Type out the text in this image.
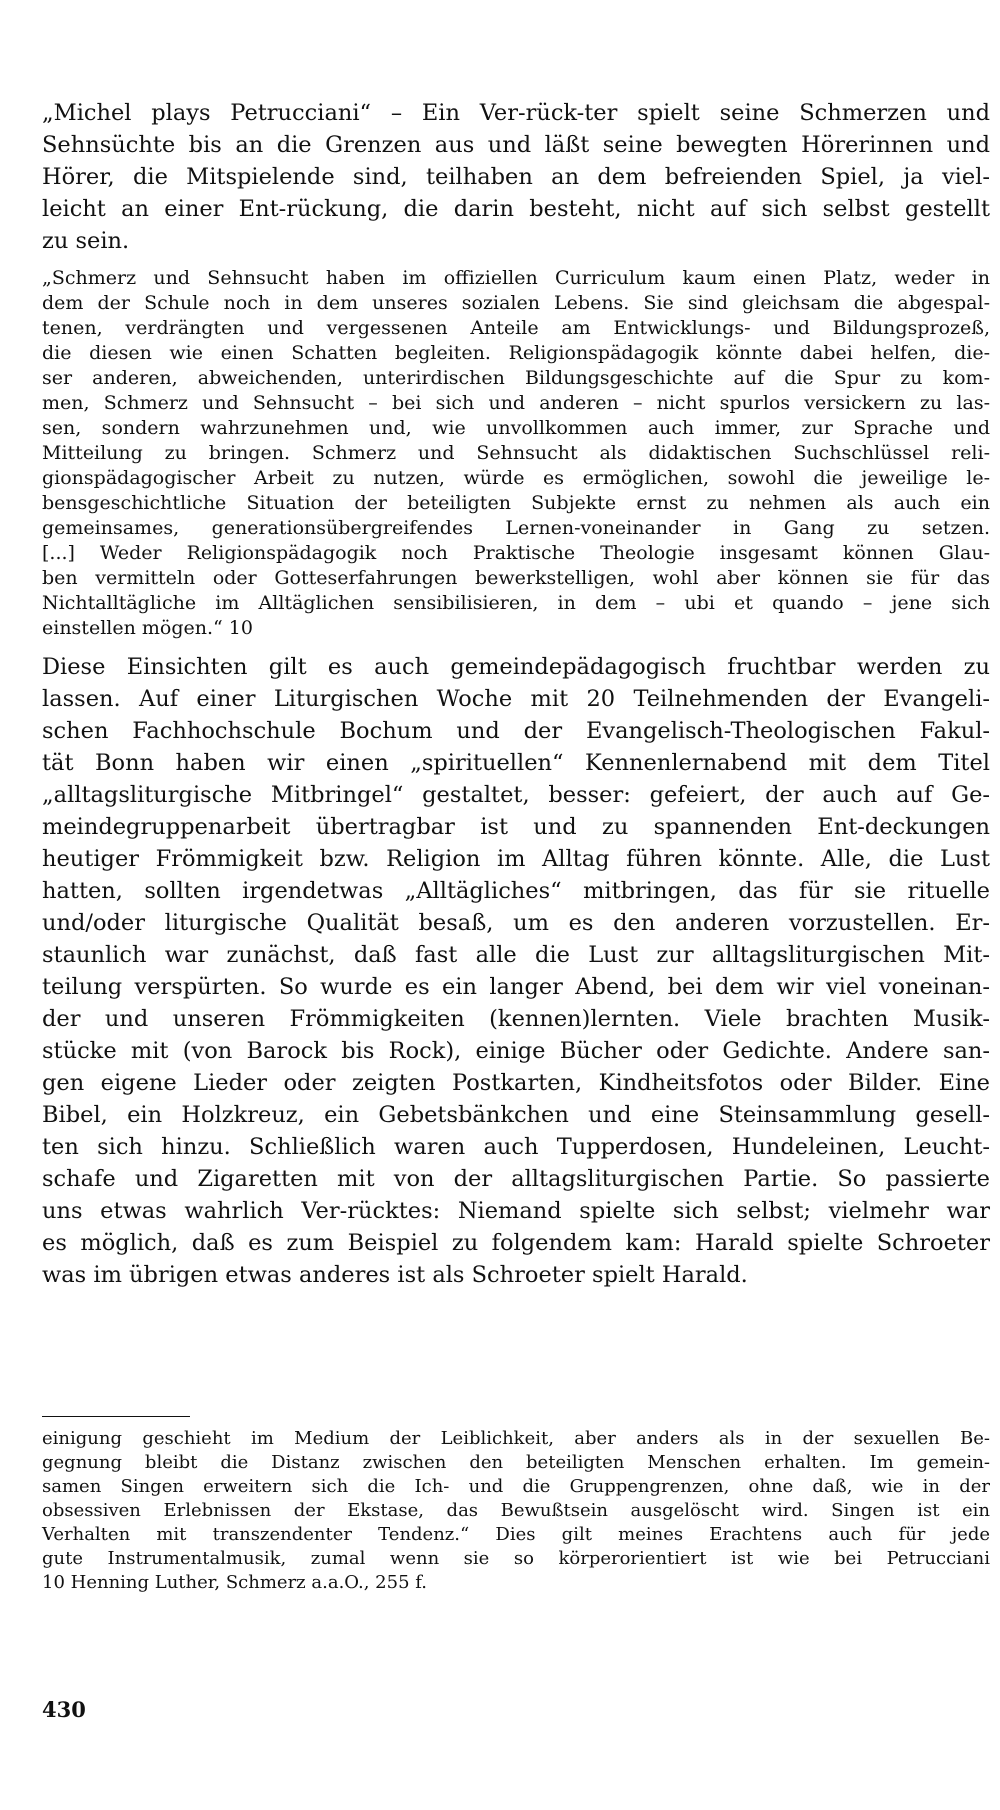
„Michel plays Petrucciani“ – Ein Ver-rück-ter spielt seine Schmerzen und
Sehnsüchte bis an die Grenzen aus und läßt seine bewegten Hörerinnen und
Hörer, die Mitspielende sind, teilhaben an dem befreienden Spiel, ja viel-
leicht an einer Ent-rückung, die darin besteht, nicht auf sich selbst gestellt
zu sein.
„Schmerz und Sehnsucht haben im offiziellen Curriculum kaum einen Platz, weder in
dem der Schule noch in dem unseres sozialen Lebens. Sie sind gleichsam die abgespal-
tenen, verdrängten und vergessenen Anteile am Entwicklungs- und Bildungsprozeß,
die diesen wie einen Schatten begleiten. Religionspädagogik könnte dabei helfen, die-
ser anderen, abweichenden, unterirdischen Bildungsgeschichte auf die Spur zu kom-
men, Schmerz und Sehnsucht – bei sich und anderen – nicht spurlos versickern zu las-
sen, sondern wahrzunehmen und, wie unvollkommen auch immer, zur Sprache und
Mitteilung zu bringen. Schmerz und Sehnsucht als didaktischen Suchschlüssel reli-
gionspädagogischer Arbeit zu nutzen, würde es ermöglichen, sowohl die jeweilige le-
bensgeschichtliche Situation der beteiligten Subjekte ernst zu nehmen als auch ein
gemeinsames, generationsübergreifendes Lernen-voneinander in Gang zu setzen.
[...] Weder Religionspädagogik noch Praktische Theologie insgesamt können Glau-
ben vermitteln oder Gotteserfahrungen bewerkstelligen, wohl aber können sie für das
Nichtalltägliche im Alltäglichen sensibilisieren, in dem – ubi et quando – jene sich
einstellen mögen.“ 10
Diese Einsichten gilt es auch gemeindepädagogisch fruchtbar werden zu
lassen. Auf einer Liturgischen Woche mit 20 Teilnehmenden der Evangeli-
schen Fachhochschule Bochum und der Evangelisch-Theologischen Fakul-
tät Bonn haben wir einen „spirituellen“ Kennenlernabend mit dem Titel
„alltagsliturgische Mitbringel“ gestaltet, besser: gefeiert, der auch auf Ge-
meindegruppenarbeit übertragbar ist und zu spannenden Ent-deckungen
heutiger Frömmigkeit bzw. Religion im Alltag führen könnte. Alle, die Lust
hatten, sollten irgendetwas „Alltägliches“ mitbringen, das für sie rituelle
und/oder liturgische Qualität besaß, um es den anderen vorzustellen. Er-
staunlich war zunächst, daß fast alle die Lust zur alltagsliturgischen Mit-
teilung verspürten. So wurde es ein langer Abend, bei dem wir viel voneinan-
der und unseren Frömmigkeiten (kennen)lernten. Viele brachten Musik-
stücke mit (von Barock bis Rock), einige Bücher oder Gedichte. Andere san-
gen eigene Lieder oder zeigten Postkarten, Kindheitsfotos oder Bilder. Eine
Bibel, ein Holzkreuz, ein Gebetsbänkchen und eine Steinsammlung gesell-
ten sich hinzu. Schließlich waren auch Tupperdosen, Hundeleinen, Leucht-
schafe und Zigaretten mit von der alltagsliturgischen Partie. So passierte
uns etwas wahrlich Ver-rücktes: Niemand spielte sich selbst; vielmehr war
es möglich, daß es zum Beispiel zu folgendem kam: Harald spielte Schroeter
was im übrigen etwas anderes ist als Schroeter spielt Harald.
einigung geschieht im Medium der Leiblichkeit, aber anders als in der sexuellen Be-
gegnung bleibt die Distanz zwischen den beteiligten Menschen erhalten. Im gemein-
samen Singen erweitern sich die Ich- und die Gruppengrenzen, ohne daß, wie in der
obsessiven Erlebnissen der Ekstase, das Bewußtsein ausgelöscht wird. Singen ist ein
Verhalten mit transzendenter Tendenz.“ Dies gilt meines Erachtens auch für jede
gute Instrumentalmusik, zumal wenn sie so körperorientiert ist wie bei Petrucciani
10 Henning Luther, Schmerz a.a.O., 255 f.
430
